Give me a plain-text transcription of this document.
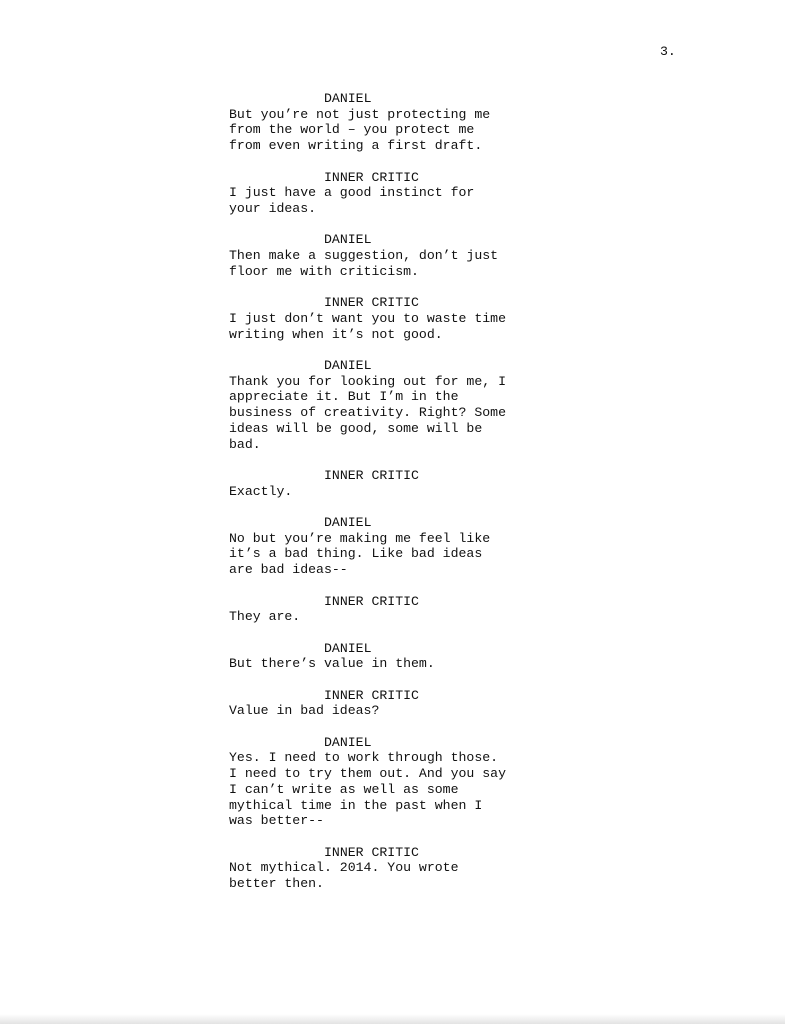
3.
DANIEL
But you’re not just protecting me
from the world – you protect me
from even writing a first draft.
INNER CRITIC
I just have a good instinct for
your ideas.
DANIEL
Then make a suggestion, don’t just
floor me with criticism.
INNER CRITIC
I just don’t want you to waste time
writing when it’s not good.
DANIEL
Thank you for looking out for me, I
appreciate it. But I’m in the
business of creativity. Right? Some
ideas will be good, some will be
bad.
INNER CRITIC
Exactly.
DANIEL
No but you’re making me feel like
it’s a bad thing. Like bad ideas
are bad ideas--
INNER CRITIC
They are.
DANIEL
But there’s value in them.
INNER CRITIC
Value in bad ideas?
DANIEL
Yes. I need to work through those.
I need to try them out. And you say
I can’t write as well as some
mythical time in the past when I
was better--
INNER CRITIC
Not mythical. 2014. You wrote
better then.
